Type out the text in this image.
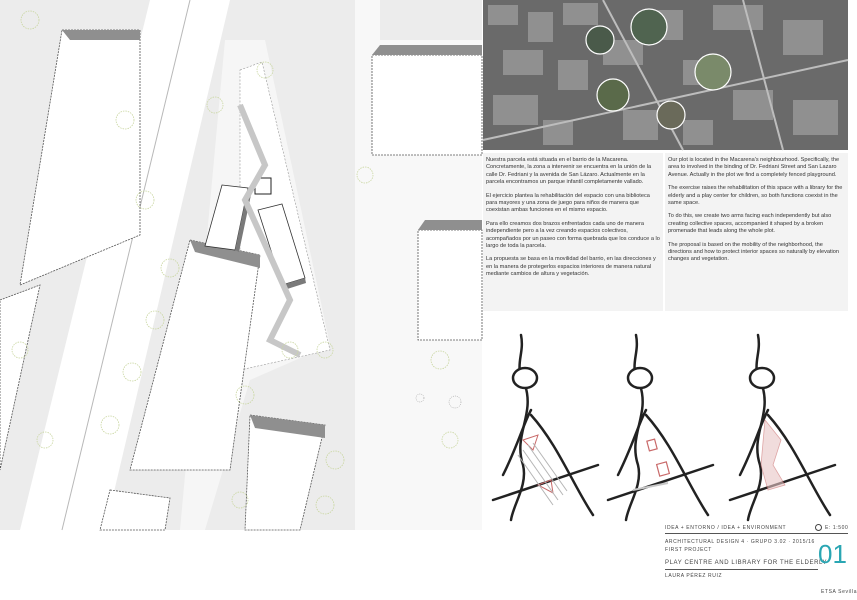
Nuestra parcela está situada en el barrio de la Macarena. Concretamente, la zona a intervenir se encuentra en la unión de la calle Dr. Fedriani y la avenida de San Lázaro. Actualmente en la parcela encontramos un parque infantil completamente vallado.

El ejercicio plantea la rehabilitación del espacio con una biblioteca para mayores y una zona de juego para niños de manera que coexistan ambas funciones en el mismo espacio.

Para ello creamos dos brazos enfrentados cada uno de manera independiente pero a la vez creando espacios colectivos, acompañados por un paseo con forma quebrada que los conduce a lo largo de toda la parcela.

La propuesta se basa en la movilidad del barrio, en las direcciones y en la manera de protegerlos espacios interiores de manera natural mediante cambios de altura y vegetación.

Our plot is located in the Macarena's neighbourhood. Specifically, the area to involved in the binding of Dr. Fedriani Street and San Lazaro Avenue. Actually in the plot we find a completely fenced playground.

The exercise raises the rehabilitation of this space with a library for the elderly and a play center for children, so both functions coexist in the same space.

To do this, we create two arms facing each independently but also creating collective spaces, accompanied it shaped by a broken promenade that leads along the whole plot.

The proposal is based on the mobility of the neighborhood, the directions and how to protect interior spaces so naturally by elevation changes and vegetation.

IDEA + ENTORNO / IDEA + ENVIRONMENT	E: 1:500
ARCHITECTURAL DESIGN 4 · GRUPO 3.02 · 2015/16
FIRST PROJECT
PLAY CENTRE AND LIBRARY FOR THE ELDERLY
LAURA PÉREZ RUIZ
ETSA Sevilla
01
